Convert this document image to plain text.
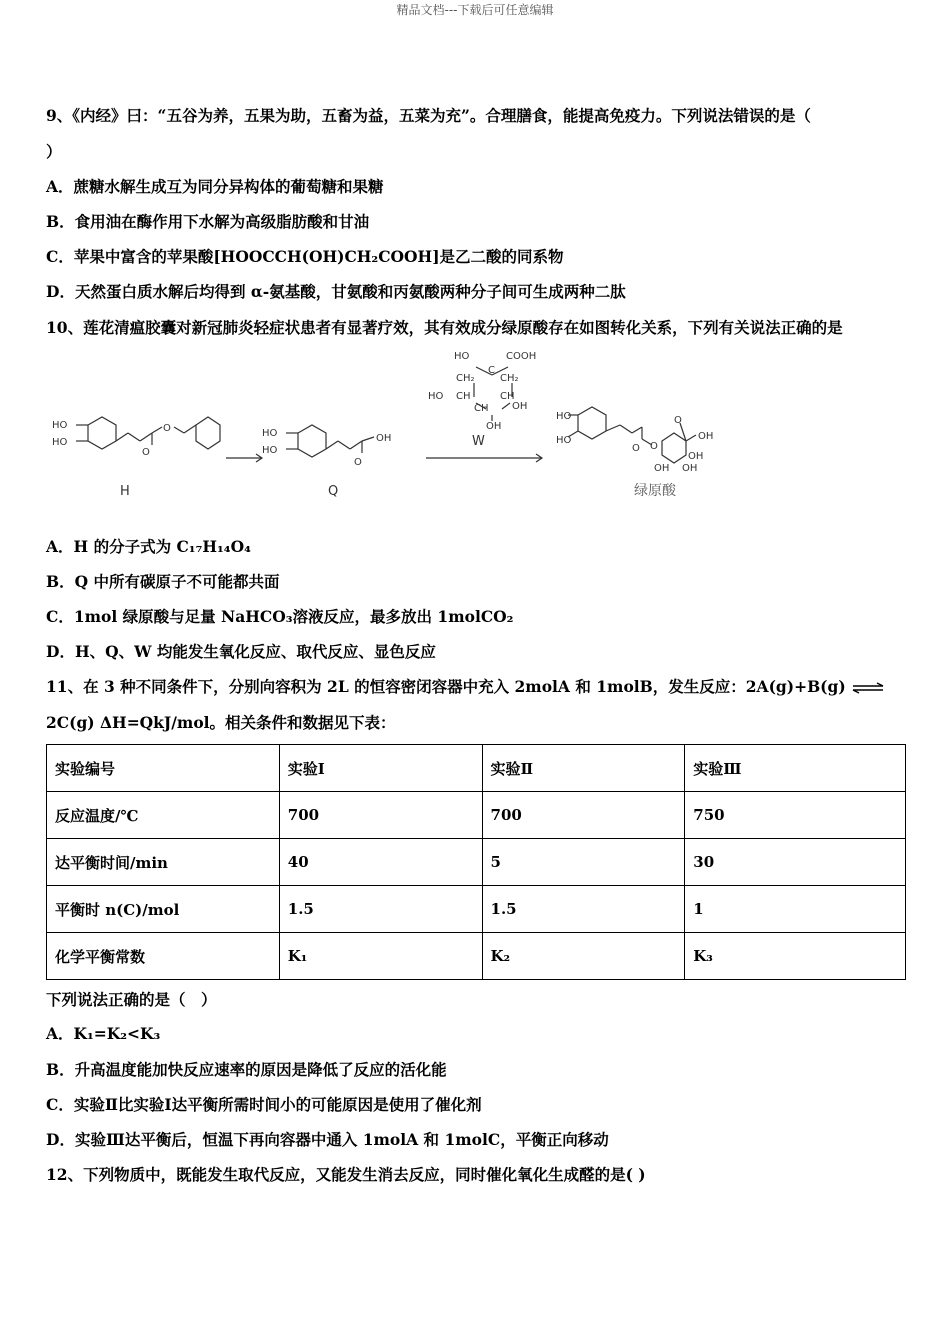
精品文档---下载后可任意编辑
9、《内经》曰：“五谷为养，五果为助，五畜为益，五菜为充”。合理膳食，能提高免疫力。下列说法错误的是（
）
A．蔗糖水解生成互为同分异构体的葡萄糖和果糖
B．食用油在酶作用下水解为高级脂肪酸和甘油
C．苹果中富含的苹果酸[HOOCCH(OH)CH₂COOH]是乙二酸的同系物
D．天然蛋白质水解后均得到 α-氨基酸，甘氨酸和丙氨酸两种分子间可生成两种二肽
10、莲花清瘟胶囊对新冠肺炎轻症状患者有显著疗效，其有效成分绿原酸存在如图转化关系，下列有关说法正确的是
HO
HO
O
O	HO
HO
O
OH
HO	COOH
C
CH₂	CH₂
HO CH	CH
OH
CH
OH
HO
HO
O O
O
OH
OH
OH OH
H	Q
W
绿原酸
A．H 的分子式为 C₁₇H₁₄O₄
B．Q 中所有碳原子不可能都共面
C．1mol 绿原酸与足量 NaHCO₃溶液反应，最多放出 1molCO₂
D．H、Q、W 均能发生氧化反应、取代反应、显色反应
11、在 3 种不同条件下，分别向容积为 2L 的恒容密闭容器中充入 2molA 和 1molB，发生反应：2A(g)+B(g) ⇌
2C(g) ΔH=QkJ/mol。相关条件和数据见下表：
实验编号	实验Ⅰ	实验Ⅱ	实验Ⅲ
反应温度/℃	700	700	750
达平衡时间/min	40	5	30
平衡时 n(C)/mol	1.5	1.5	1
化学平衡常数	K₁	K₂	K₃
下列说法正确的是（　）
A．K₁=K₂<K₃
B．升高温度能加快反应速率的原因是降低了反应的活化能
C．实验Ⅱ比实验Ⅰ达平衡所需时间小的可能原因是使用了催化剂
D．实验Ⅲ达平衡后，恒温下再向容器中通入 1molA 和 1molC，平衡正向移动
12、下列物质中，既能发生取代反应，又能发生消去反应，同时催化氧化生成醛的是( )
